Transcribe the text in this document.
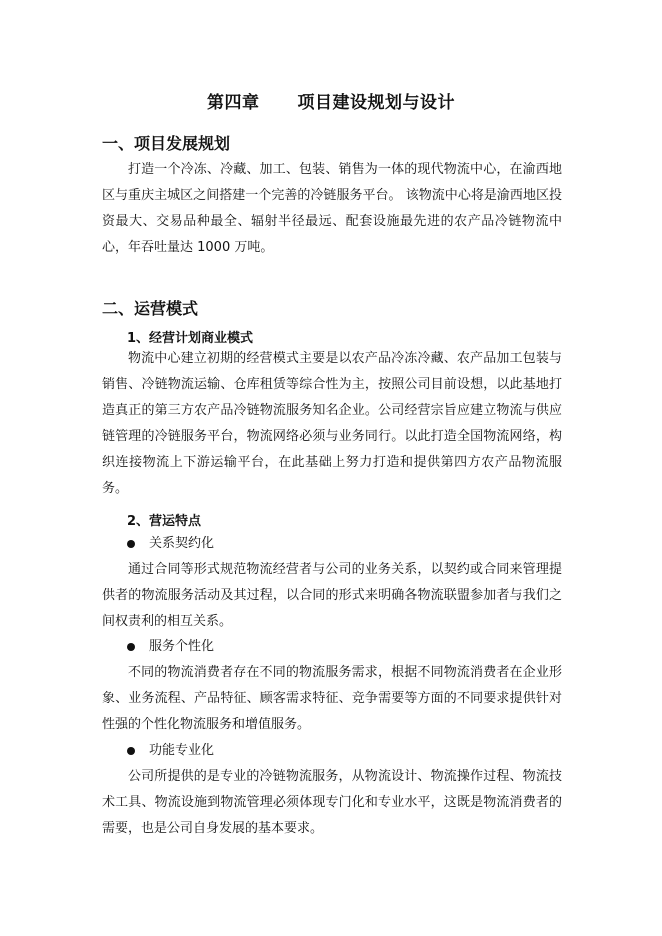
第四章 项目建设规划与设计
一、项目发展规划
打造一个冷冻、冷藏、加工、包装、销售为一体的现代物流中心，在渝西地区与重庆主城区之间搭建一个完善的冷链服务平台。 该物流中心将是渝西地区投资最大、交易品种最全、辐射半径最远、配套设施最先进的农产品冷链物流中心，年吞吐量达 1000 万吨。
二、运营模式
1、经营计划商业模式
物流中心建立初期的经营模式主要是以农产品冷冻冷藏、农产品加工包装与销售、冷链物流运输、仓库租赁等综合性为主，按照公司目前设想，以此基地打造真正的第三方农产品冷链物流服务知名企业。公司经营宗旨应建立物流与供应链管理的冷链服务平台，物流网络必须与业务同行。以此打造全国物流网络，构织连接物流上下游运输平台，在此基础上努力打造和提供第四方农产品物流服务。
2、营运特点
关系契约化
通过合同等形式规范物流经营者与公司的业务关系，以契约或合同来管理提供者的物流服务活动及其过程，以合同的形式来明确各物流联盟参加者与我们之间权责利的相互关系。
服务个性化
不同的物流消费者存在不同的物流服务需求，根据不同物流消费者在企业形象、业务流程、产品特征、顾客需求特征、竞争需要等方面的不同要求提供针对性强的个性化物流服务和增值服务。
功能专业化
公司所提供的是专业的冷链物流服务，从物流设计、物流操作过程、物流技术工具、物流设施到物流管理必须体现专门化和专业水平，这既是物流消费者的需要，也是公司自身发展的基本要求。
